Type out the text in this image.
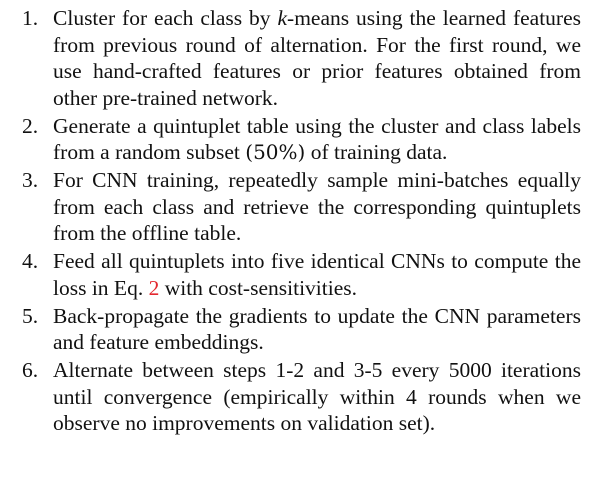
1. Cluster for each class by k-means using the learned features from previous round of alternation. For the first round, we use hand-crafted features or prior features obtained from other pre-trained network.
2. Generate a quintuplet table using the cluster and class labels from a random subset (50%) of training data.
3. For CNN training, repeatedly sample mini-batches equally from each class and retrieve the corresponding quintuplets from the offline table.
4. Feed all quintuplets into five identical CNNs to compute the loss in Eq. 2 with cost-sensitivities.
5. Back-propagate the gradients to update the CNN parameters and feature embeddings.
6. Alternate between steps 1-2 and 3-5 every 5000 iterations until convergence (empirically within 4 rounds when we observe no improvements on validation set).
